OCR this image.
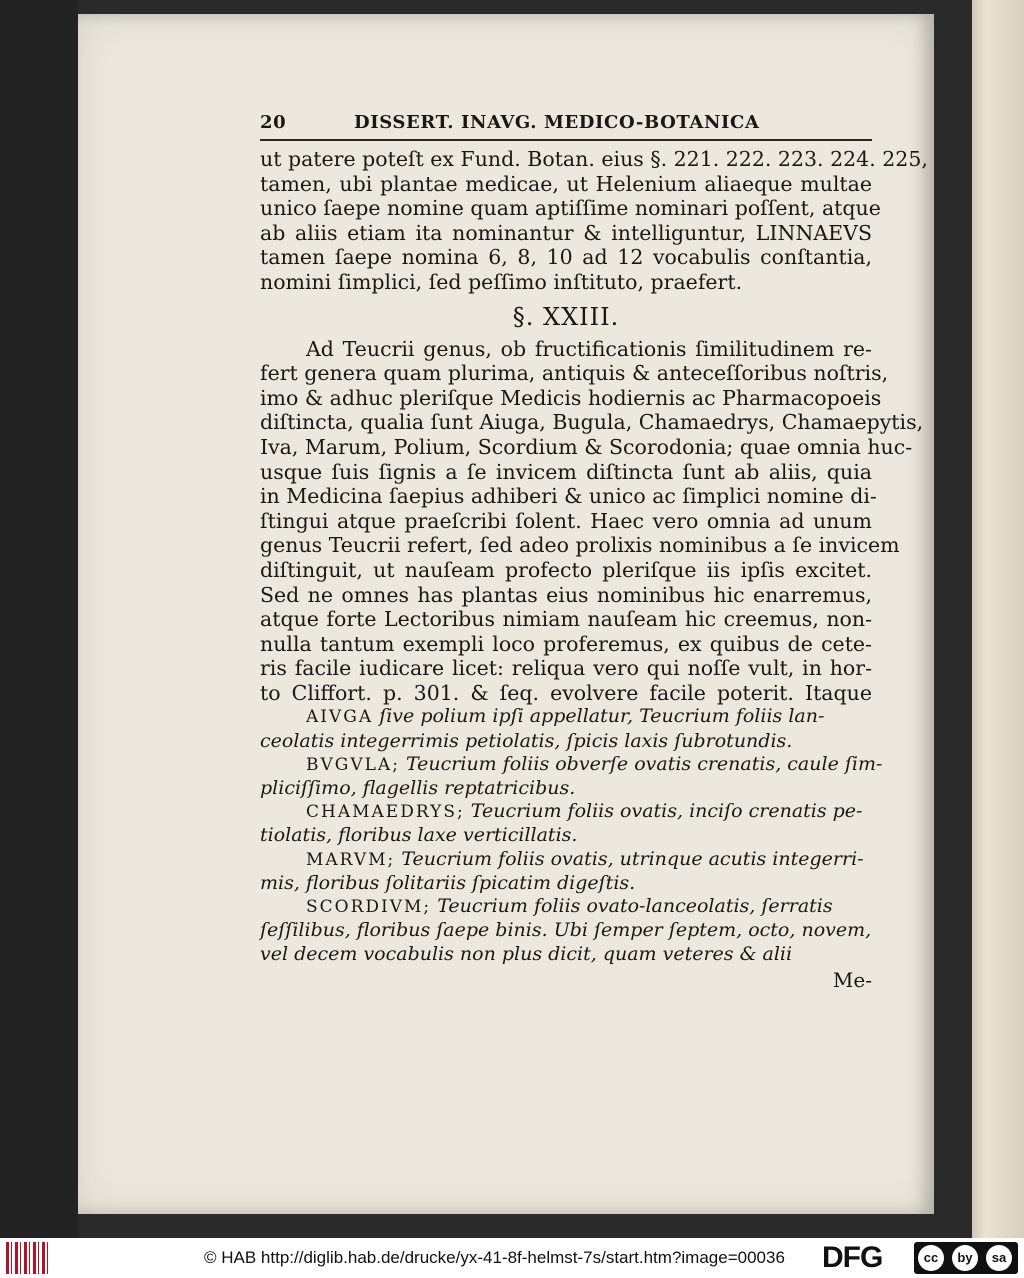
20	DISSERT. INAVG. MEDICO-BOTANICA

ut patere poteſt ex Fund. Botan. eius §. 221. 222. 223. 224. 225,
tamen, ubi plantae medicae, ut Helenium aliaeque multae
unico ſaepe nomine quam aptiſſime nominari poſſent, atque
ab aliis etiam ita nominantur & intelliguntur, LINNAEVS
tamen ſaepe nomina 6, 8, 10 ad 12 vocabulis conſtantia,
nomini ſimplici, ſed peſſimo inſtituto, praefert.

§. XXIII.

Ad Teucrii genus, ob fructificationis ſimilitudinem re-
fert genera quam plurima, antiquis & anteceſſoribus noſtris,
imo & adhuc pleriſque Medicis hodiernis ac Pharmacopoeis
diſtincta, qualia ſunt Aiuga, Bugula, Chamaedrys, Chamaepytis,
Iva, Marum, Polium, Scordium & Scorodonia; quae omnia huc-
usque ſuis ſignis a ſe invicem diſtincta ſunt ab aliis, quia
in Medicina ſaepius adhiberi & unico ac ſimplici nomine di-
ſtingui atque praeſcribi ſolent. Haec vero omnia ad unum
genus Teucrii refert, ſed adeo prolixis nominibus a ſe invicem
diſtinguit, ut nauſeam profecto pleriſque iis ipſis excitet.
Sed ne omnes has plantas eius nominibus hic enarremus,
atque forte Lectoribus nimiam nauſeam hic creemus, non-
nulla tantum exempli loco proferemus, ex quibus de cete-
ris facile iudicare licet: reliqua vero qui noſſe vult, in hor-
to Cliffort. p. 301. & ſeq. evolvere facile poterit. Itaque

AIVGA ſive polium ipſi appellatur, Teucrium foliis lan-
ceolatis integerrimis petiolatis, ſpicis laxis ſubrotundis.

BVGVLA; Teucrium foliis obverſe ovatis crenatis, caule ſim-
pliciſſimo, flagellis reptatricibus.

CHAMAEDRYS; Teucrium foliis ovatis, inciſo crenatis pe-
tiolatis, floribus laxe verticillatis.

MARVM; Teucrium foliis ovatis, utrinque acutis integerri-
mis, floribus ſolitariis ſpicatim digeſtis.

SCORDIVM; Teucrium foliis ovato-lanceolatis, ſerratis
ſeſſilibus, floribus ſaepe binis. Ubi ſemper ſeptem, octo, novem,
vel decem vocabulis non plus dicit, quam veteres & alii

Me-
© HAB http://diglib.hab.de/drucke/yx-41-8f-helmst-7s/start.htm?image=00036 DFG	cc	by	sa
